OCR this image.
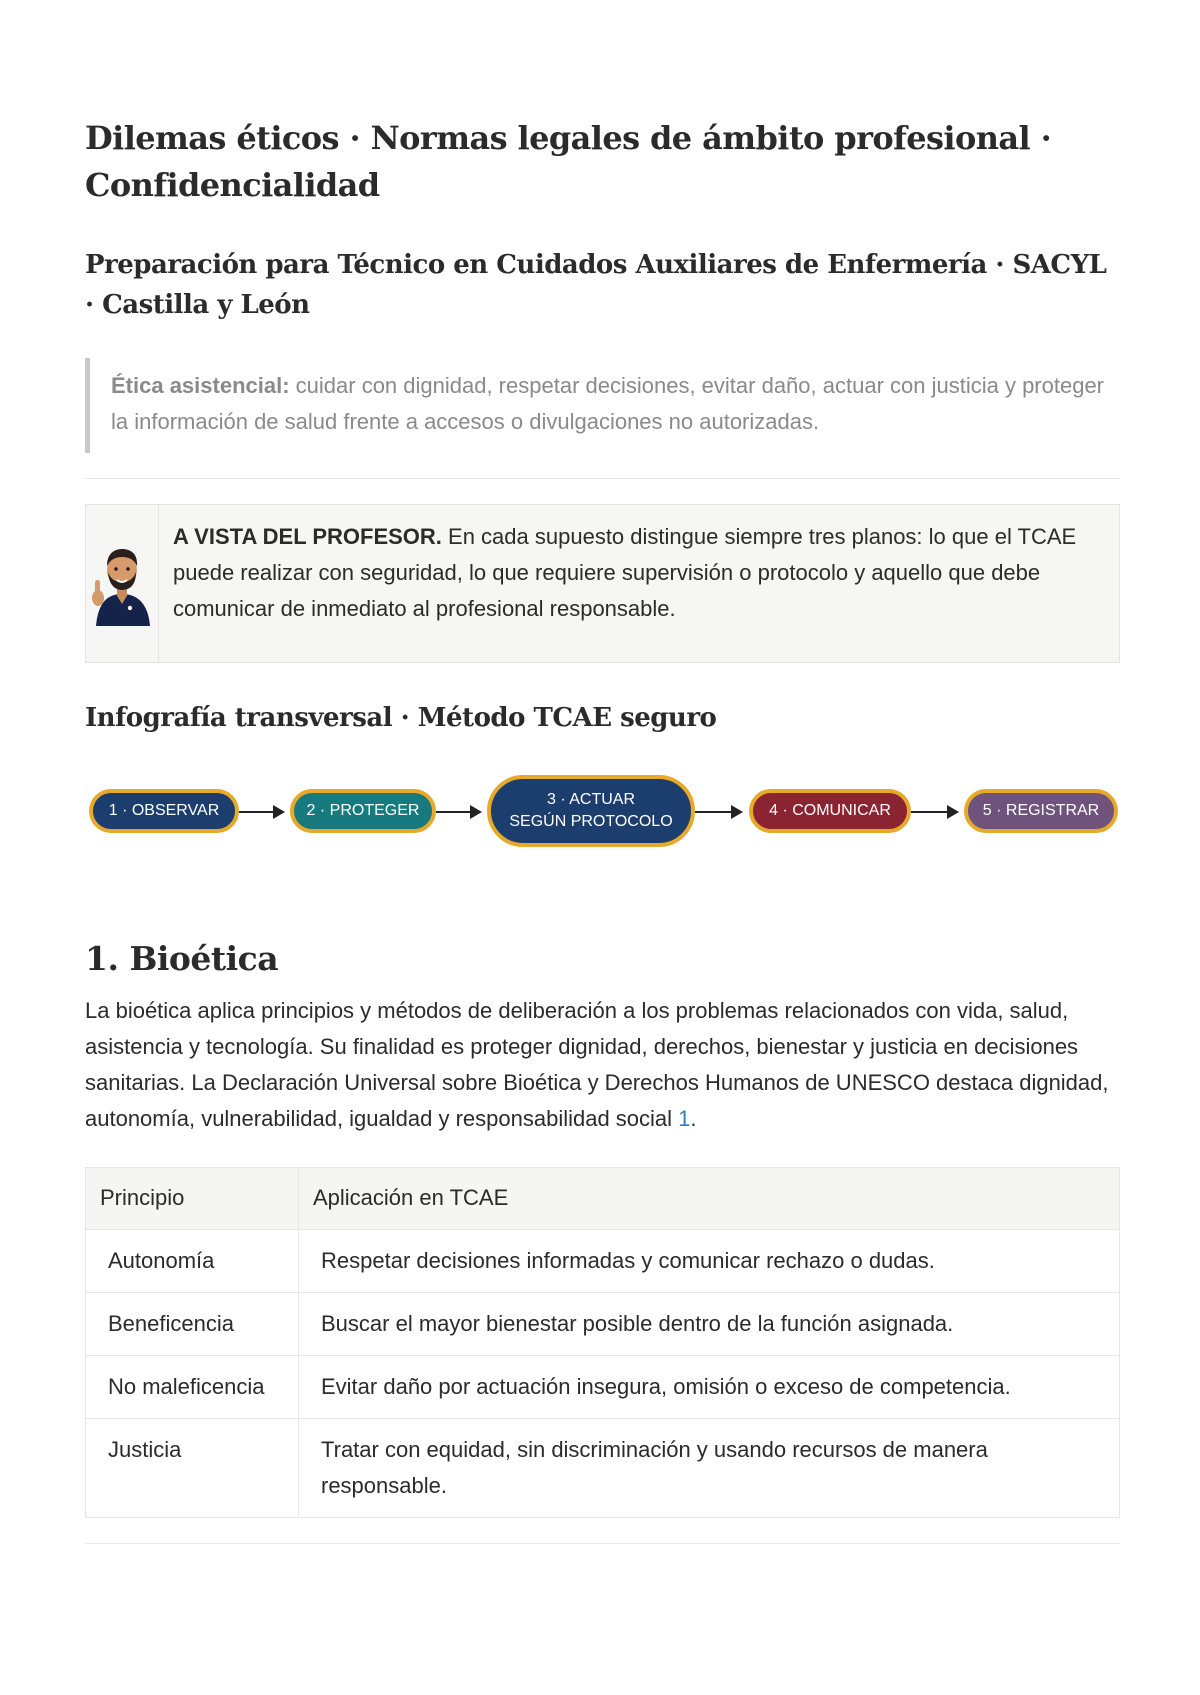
Dilemas éticos · Normas legales de ámbito profesional · Confidencialidad
Preparación para Técnico en Cuidados Auxiliares de Enfermería · SACYL · Castilla y León
Ética asistencial: cuidar con dignidad, respetar decisiones, evitar daño, actuar con justicia y proteger la información de salud frente a accesos o divulgaciones no autorizadas.
A VISTA DEL PROFESOR. En cada supuesto distingue siempre tres planos: lo que el TCAE puede realizar con seguridad, lo que requiere supervisión o protocolo y aquello que debe comunicar de inmediato al profesional responsable.
Infografía transversal · Método TCAE seguro
1 · OBSERVAR	2 · PROTEGER
3 · ACTUAR
SEGÚN PROTOCOLO
4 · COMUNICAR	5 · REGISTRAR
1. Bioética

La bioética aplica principios y métodos de deliberación a los problemas relacionados con vida, salud, asistencia y tecnología. Su finalidad es proteger dignidad, derechos, bienestar y justicia en decisiones sanitarias. La Declaración Universal sobre Bioética y Derechos Humanos de UNESCO destaca dignidad, autonomía, vulnerabilidad, igualdad y responsabilidad social 1.

Principio	Aplicación en TCAE
Autonomía	Respetar decisiones informadas y comunicar rechazo o dudas.
Beneficencia	Buscar el mayor bienestar posible dentro de la función asignada.
No maleficencia	Evitar daño por actuación insegura, omisión o exceso de competencia.
Justicia	Tratar con equidad, sin discriminación y usando recursos de manera responsable.
